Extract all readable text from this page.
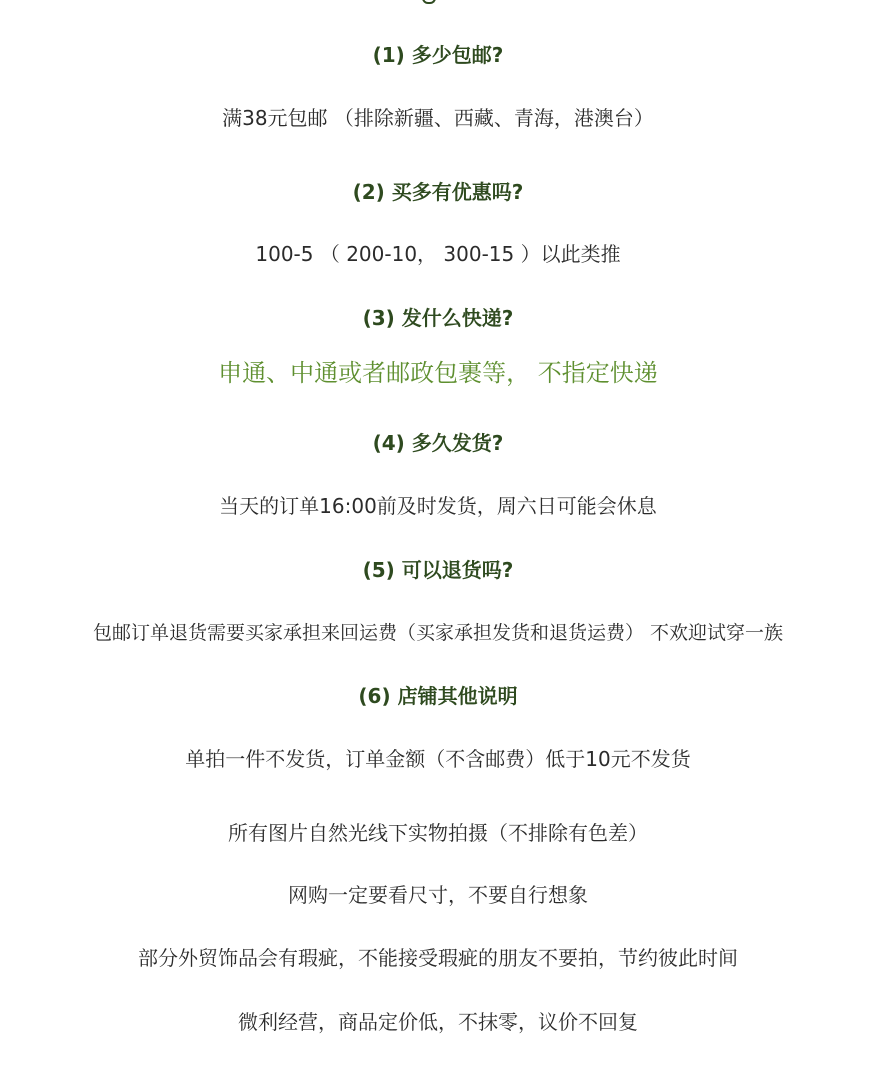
(1) 多少包邮?
满38元包邮 （排除新疆、西藏、青海，港澳台）
(2) 买多有优惠吗?
100-5 （ 200-10， 300-15 ）以此类推
(3) 发什么快递?
申通、中通或者邮政包裹等， 不指定快递
(4) 多久发货?
当天的订单16:00前及时发货，周六日可能会休息
(5) 可以退货吗?
包邮订单退货需要买家承担来回运费（买家承担发货和退货运费） 不欢迎试穿一族
(6) 店铺其他说明
单拍一件不发货，订单金额（不含邮费）低于10元不发货
所有图片自然光线下实物拍摄（不排除有色差）
网购一定要看尺寸，不要自行想象
部分外贸饰品会有瑕疵，不能接受瑕疵的朋友不要拍，节约彼此时间
微利经营，商品定价低，不抹零，议价不回复
